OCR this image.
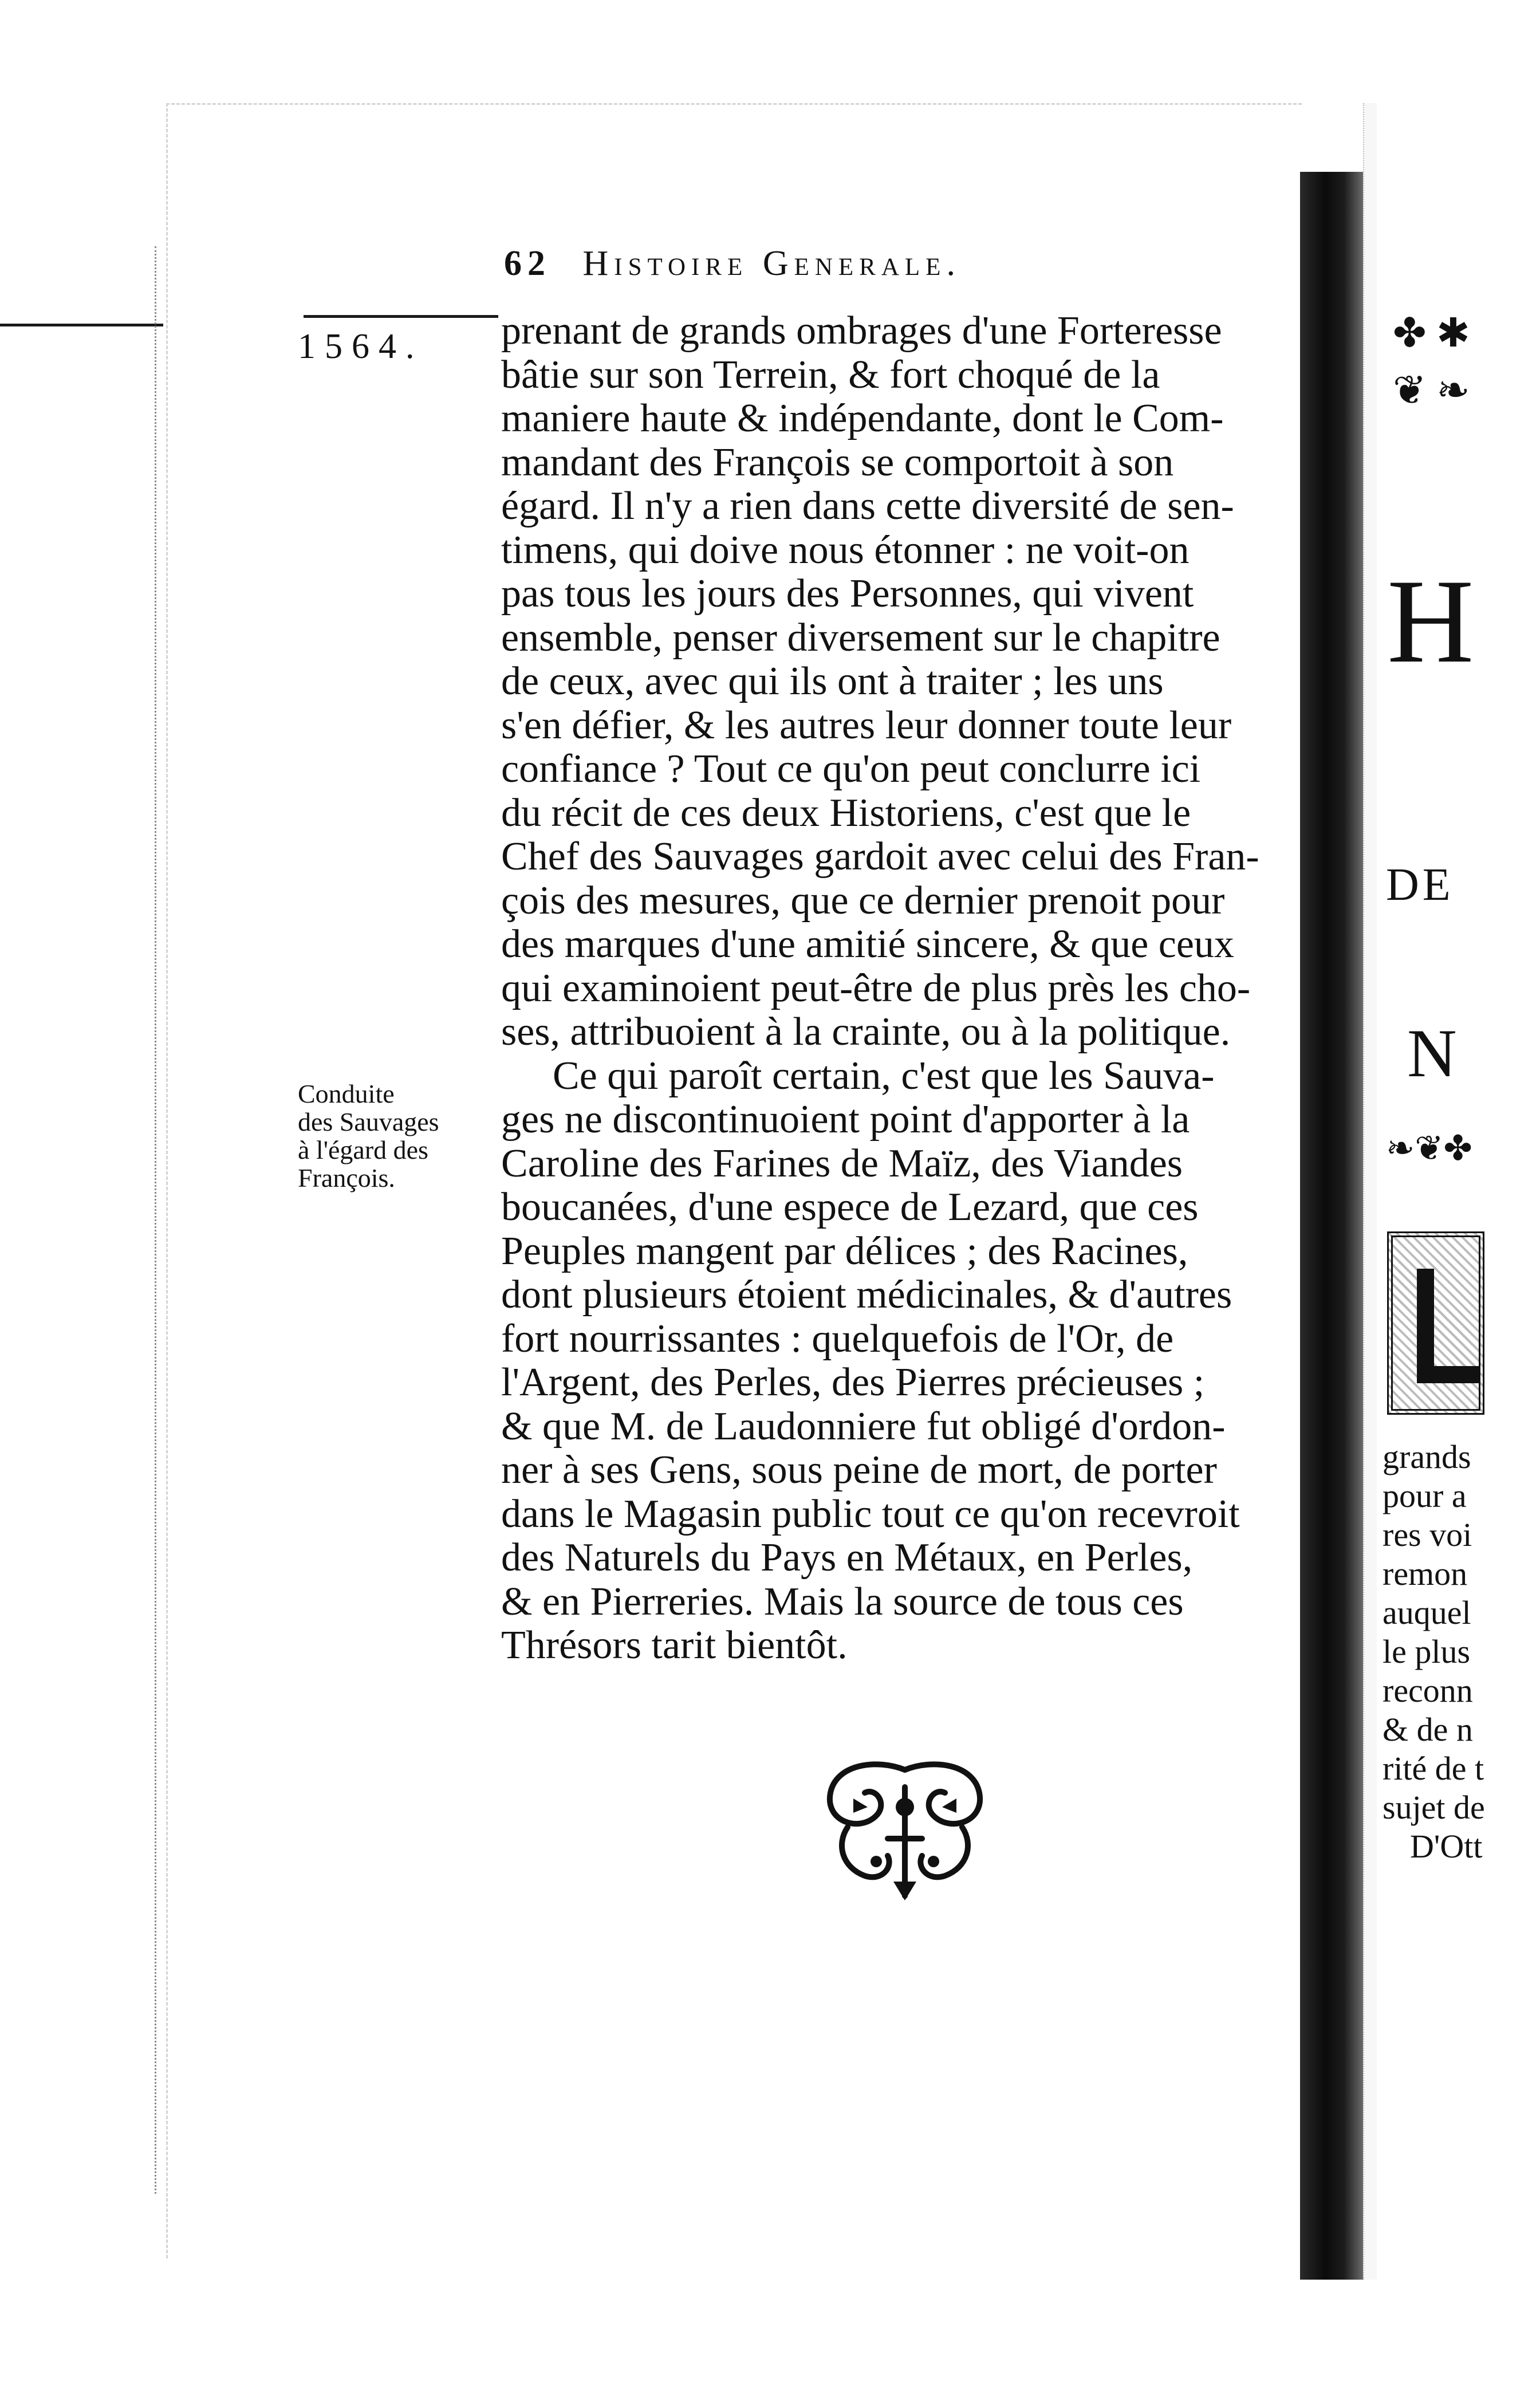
62 Histoire Generale.
1564.
Conduite
des Sauvages
à l'égard des
François.
prenant de grands ombrages d'une Forteresse
bâtie sur son Terrein, & fort choqué de la
maniere haute & indépendante, dont le Com-
mandant des François se comportoit à son
égard. Il n'y a rien dans cette diversité de sen-
timens, qui doive nous étonner : ne voit-on
pas tous les jours des Personnes, qui vivent
ensemble, penser diversement sur le chapitre
de ceux, avec qui ils ont à traiter ; les uns
s'en défier, & les autres leur donner toute leur
confiance ? Tout ce qu'on peut conclurre ici
du récit de ces deux Historiens, c'est que le
Chef des Sauvages gardoit avec celui des Fran-
çois des mesures, que ce dernier prenoit pour
des marques d'une amitié sincere, & que ceux
qui examinoient peut-être de plus près les cho-
ses, attribuoient à la crainte, ou à la politique.
Ce qui paroît certain, c'est que les Sauva-
ges ne discontinuoient point d'apporter à la
Caroline des Farines de Maïz, des Viandes
boucanées, d'une espece de Lezard, que ces
Peuples mangent par délices ; des Racines,
dont plusieurs étoient médicinales, & d'autres
fort nourrissantes : quelquefois de l'Or, de
l'Argent, des Perles, des Pierres précieuses ;
& que M. de Laudonniere fut obligé d'ordon-
ner à ses Gens, sous peine de mort, de porter
dans le Magasin public tout ce qu'on recevroit
des Naturels du Pays en Métaux, en Perles,
& en Pierreries. Mais la source de tous ces
Thrésors tarit bientôt.
✤ ✱
❦ ❧
H
DE
N
❧❦✤
grands
pour a
res voi
remon
auquel
le plus
reconn
& de n
rité de t
sujet de
D'Ott
